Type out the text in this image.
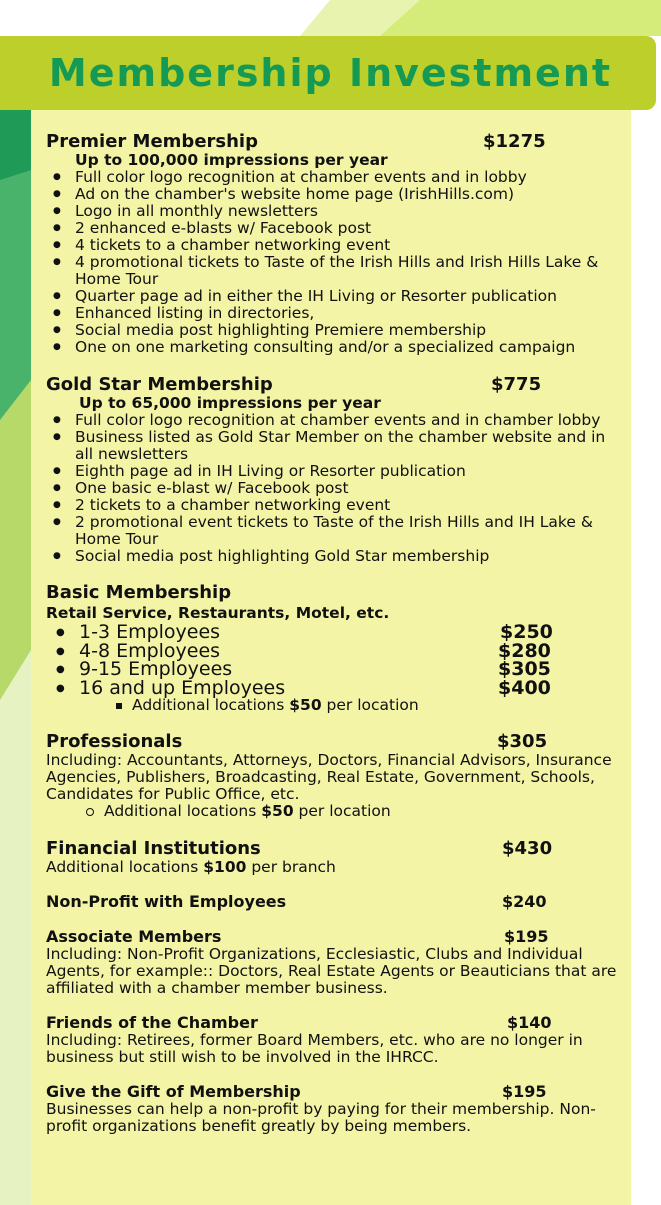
Membership Investment
Premier Membership	$1275
Up to 100,000 impressions per year
● Full color logo recognition at chamber events and in lobby
● Ad on the chamber's website home page (IrishHills.com)
● Logo in all monthly newsletters
● 2 enhanced e-blasts w/ Facebook post
● 4 tickets to a chamber networking event
● 4 promotional tickets to Taste of the Irish Hills and Irish Hills Lake & Home Tour
● Quarter page ad in either the IH Living or Resorter publication
● Enhanced listing in directories,
● Social media post highlighting Premiere membership
● One on one marketing consulting and/or a specialized campaign
Gold Star Membership	$775
Up to 65,000 impressions per year
● Full color logo recognition at chamber events and in chamber lobby
● Business listed as Gold Star Member on the chamber website and in all newsletters
● Eighth page ad in IH Living or Resorter publication
● One basic e-blast w/ Facebook post
● 2 tickets to a chamber networking event
● 2 promotional event tickets to Taste of the Irish Hills and IH Lake & Home Tour
● Social media post highlighting Gold Star membership
Basic Membership
Retail Service, Restaurants, Motel, etc.
● 1-3 Employees	$250
● 4-8 Employees	$280
● 9-15 Employees	$305
● 16 and up Employees	$400
Additional locations $50 per location
Professionals	$305
Including: Accountants, Attorneys, Doctors, Financial Advisors, Insurance Agencies, Publishers, Broadcasting, Real Estate, Government, Schools, Candidates for Public Office, etc.
Additional locations $50 per location
Financial Institutions	$430
Additional locations $100 per branch
Non-Profit with Employees	$240
Associate Members	$195
Including: Non-Profit Organizations, Ecclesiastic, Clubs and Individual Agents, for example:: Doctors, Real Estate Agents or Beauticians that are affiliated with a chamber member business.
Friends of the Chamber	$140
Including: Retirees, former Board Members, etc. who are no longer in business but still wish to be involved in the IHRCC.
Give the Gift of Membership	$195
Businesses can help a non-profit by paying for their membership. Non-profit organizations benefit greatly by being members.
